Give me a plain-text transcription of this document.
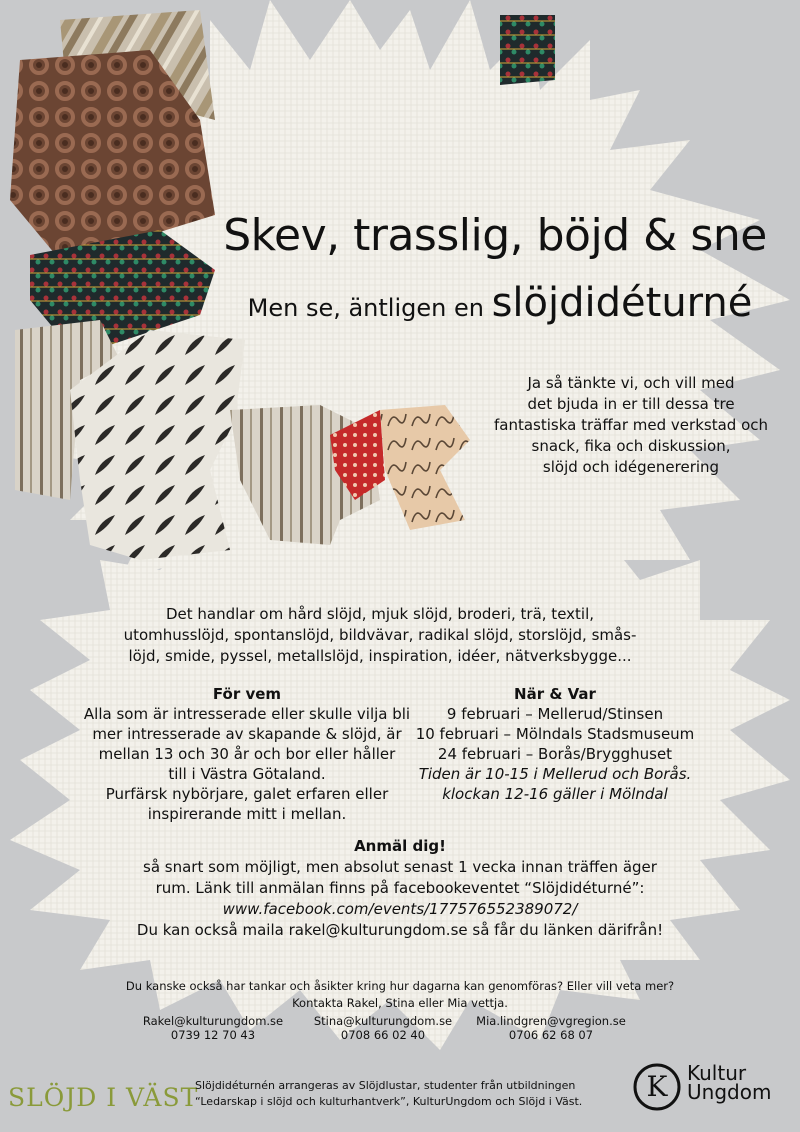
Skev, trasslig, böjd & sne
Men se, äntligen en slöjdidéturné
Ja så tänkte vi, och vill med
det bjuda in er till dessa tre
fantastiska träffar med verkstad och
snack, fika och diskussion,
slöjd och idégenerering
Det handlar om hård slöjd, mjuk slöjd, broderi, trä, textil,
utomhusslöjd, spontanslöjd, bildvävar, radikal slöjd, storslöjd, smås-
löjd, smide, pyssel, metallslöjd, inspiration, idéer, nätverksbygge...
För vem
Alla som är intresserade eller skulle vilja bli
mer intresserade av skapande & slöjd, är
mellan 13 och 30 år och bor eller håller
till i Västra Götaland.
Purfärsk nybörjare, galet erfaren eller
inspirerande mitt i mellan.
När & Var
9 februari – Mellerud/Stinsen
10 februari – Mölndals Stadsmuseum
24 februari – Borås/Brygghuset
Tiden är 10-15 i Mellerud och Borås.
klockan 12-16 gäller i Mölndal
Anmäl dig!
så snart som möjligt, men absolut senast 1 vecka innan träffen äger
rum. Länk till anmälan finns på facebookeventet “Slöjdidéturné”:
www.facebook.com/events/177576552389072/
Du kan också maila rakel@kulturungdom.se så får du länken därifrån!
Du kanske också har tankar och åsikter kring hur dagarna kan genomföras? Eller vill veta mer?
Kontakta Rakel, Stina eller Mia vettja.
Rakel@kulturungdom.se
0739 12 70 43
Stina@kulturungdom.se
0708 66 02 40
Mia.lindgren@vgregion.se
0706 62 68 07
SLÖJD I VÄST
Slöjdidéturnén arrangeras av Slöjdlustar, studenter från utbildningen
“Ledarskap i slöjd och kulturhantverk”, KulturUngdom och Slöjd i Väst.	K Kultur
Ungdom
